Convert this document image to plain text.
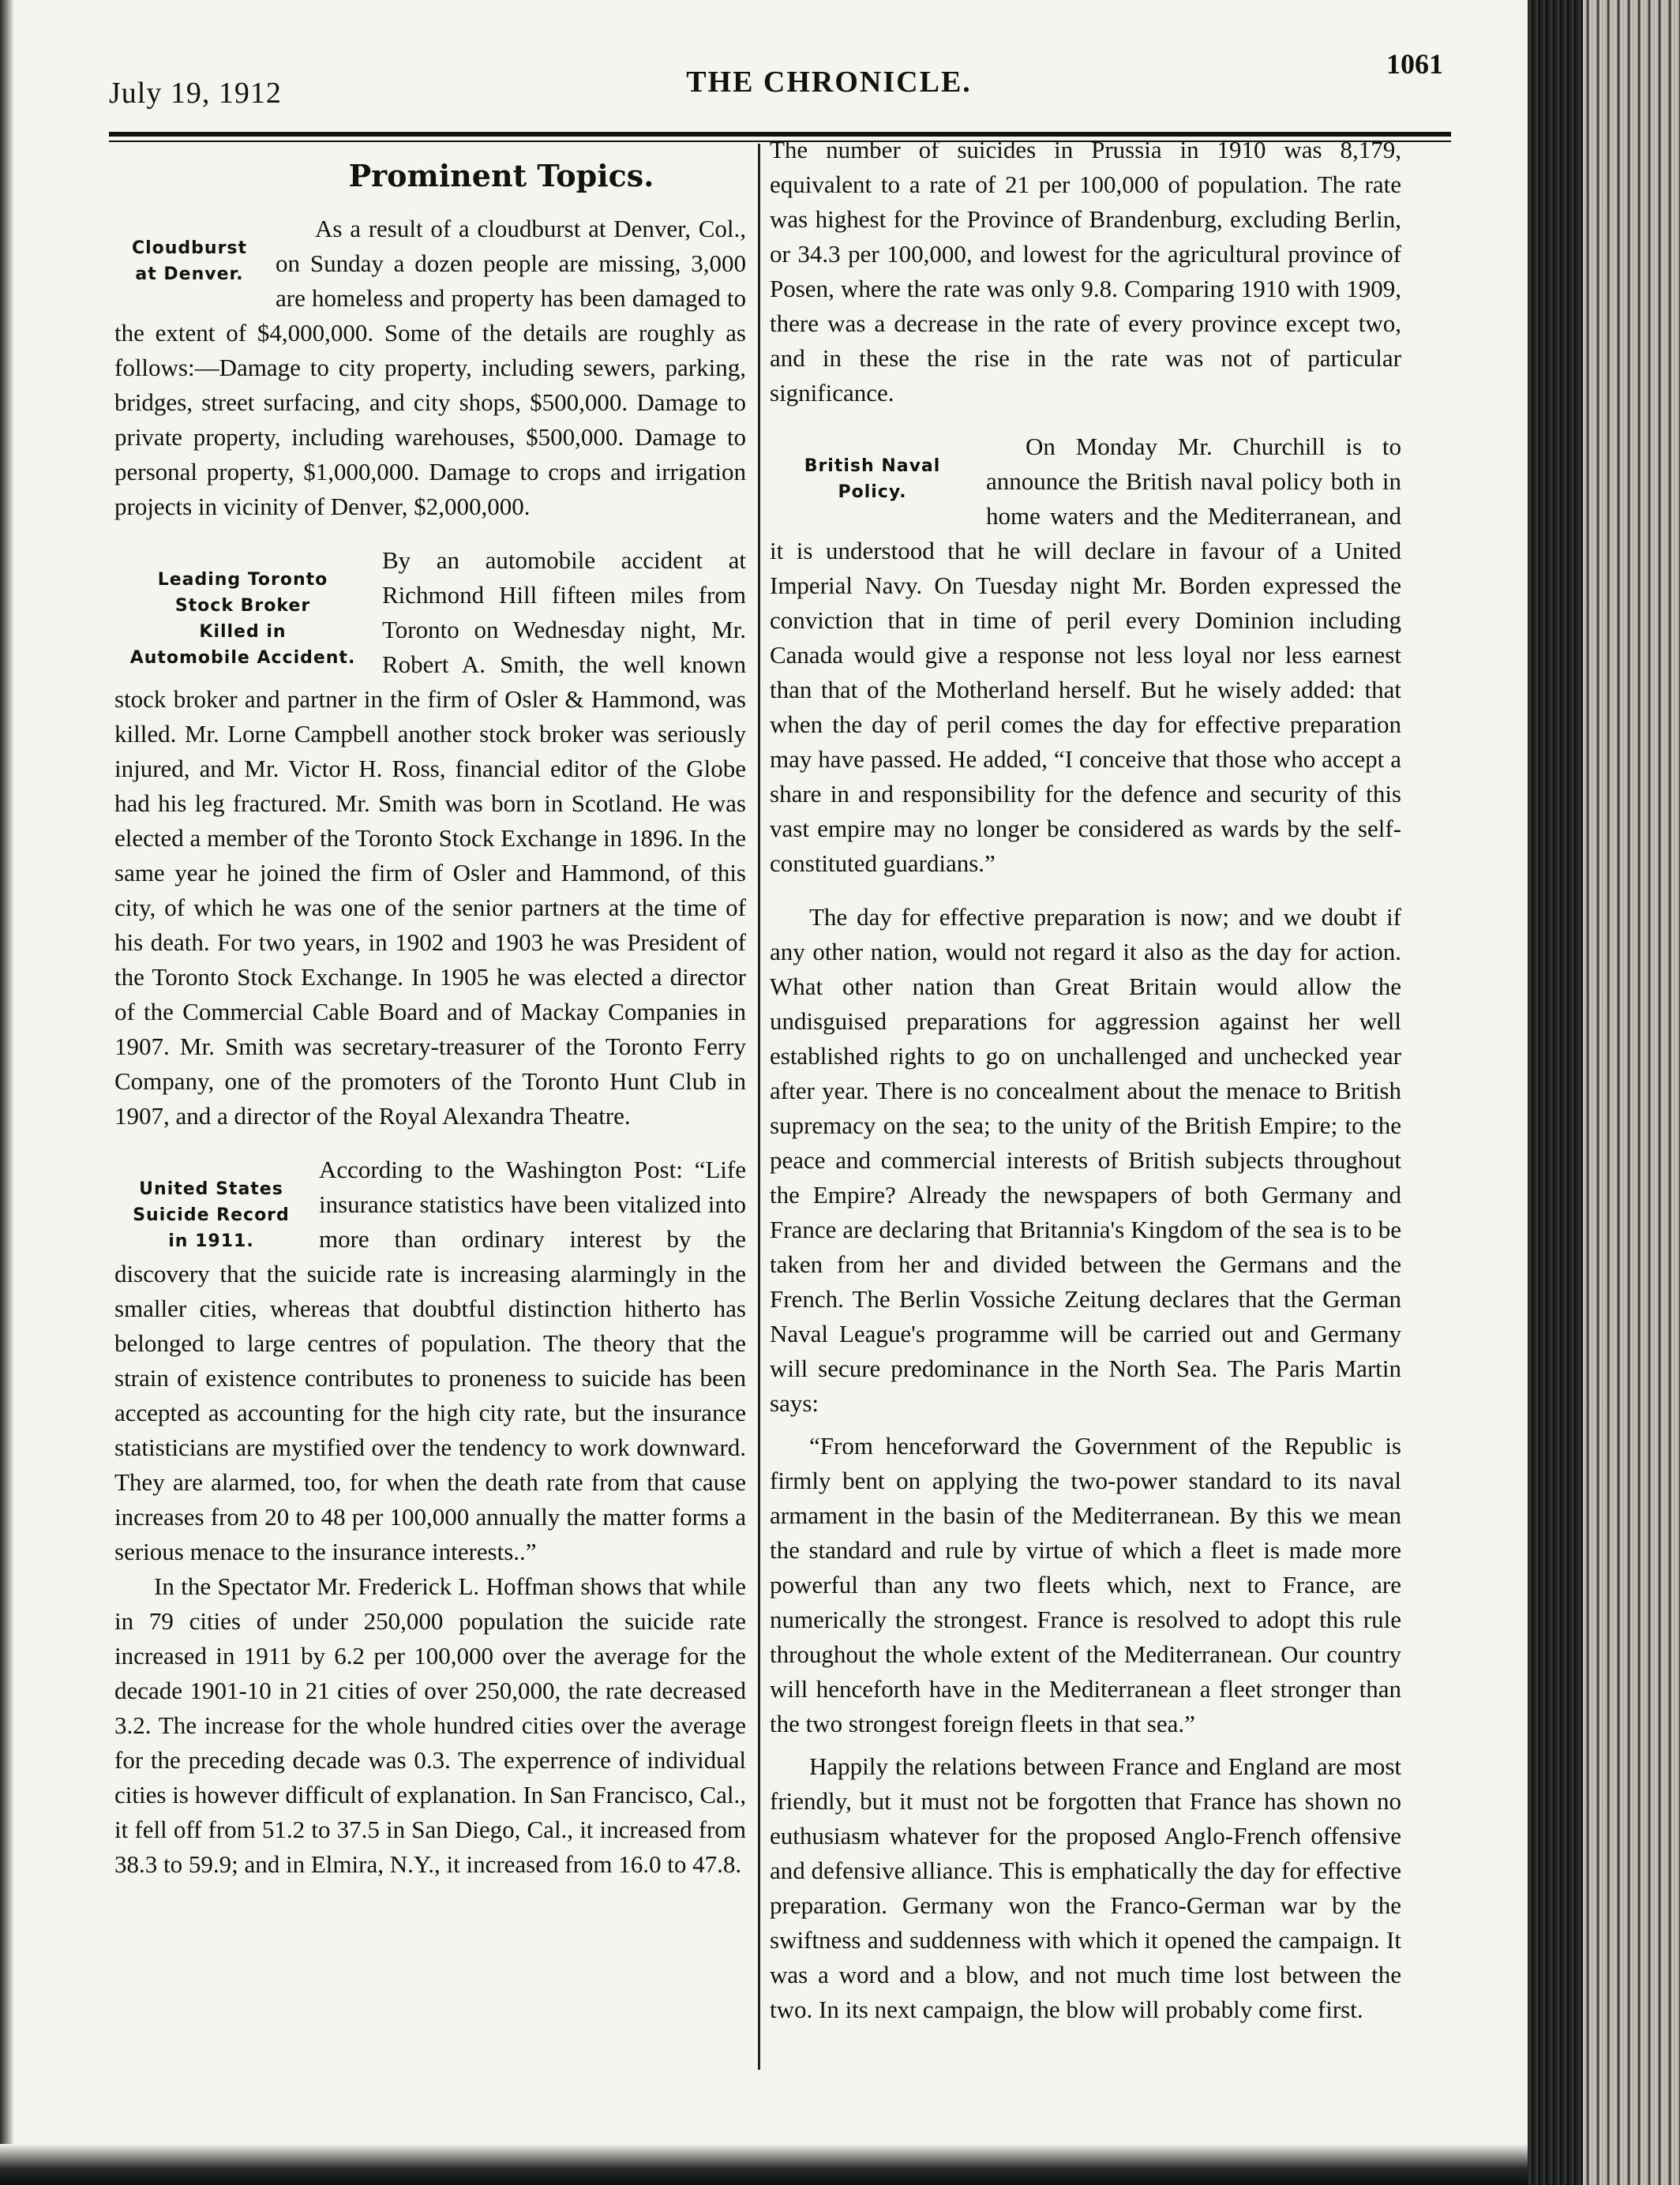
July 19, 1912	THE CHRONICLE.
1061
Prominent Topics.
Cloudburst
at Denver.

As a result of a cloudburst at Denver, Col., on Sunday a dozen people are missing, 3,000 are homeless and property has been damaged to the extent of $4,000,000. Some of the details are roughly as follows:—Damage to city property, including sewers, parking, bridges, street surfacing, and city shops, $500,000. Damage to private property, including warehouses, $500,000. Damage to personal property, $1,000,000. Damage to crops and irrigation projects in vicinity of Denver, $2,000,000.

Leading Toronto
Stock Broker
Killed in
Automobile Accident.

By an automobile accident at Richmond Hill fifteen miles from Toronto on Wednesday night, Mr. Robert A. Smith, the well known stock broker and partner in the firm of Osler & Hammond, was killed. Mr. Lorne Campbell another stock broker was seriously injured, and Mr. Victor H. Ross, financial editor of the Globe had his leg fractured. Mr. Smith was born in Scotland. He was elected a member of the Toronto Stock Exchange in 1896. In the same year he joined the firm of Osler and Hammond, of this city, of which he was one of the senior partners at the time of his death. For two years, in 1902 and 1903 he was President of the Toronto Stock Exchange. In 1905 he was elected a director of the Commercial Cable Board and of Mackay Companies in 1907. Mr. Smith was secretary-treasurer of the Toronto Ferry Company, one of the promoters of the Toronto Hunt Club in 1907, and a director of the Royal Alexandra Theatre.

United States
Suicide Record
in 1911.

According to the Washington Post: “Life insurance statistics have been vitalized into more than ordinary interest by the discovery that the suicide rate is increasing alarmingly in the smaller cities, whereas that doubtful distinction hitherto has belonged to large centres of population. The theory that the strain of existence contributes to proneness to suicide has been accepted as accounting for the high city rate, but the insurance statisticians are mystified over the tendency to work downward. They are alarmed, too, for when the death rate from that cause increases from 20 to 48 per 100,000 annually the matter forms a serious menace to the insurance interests..”

In the Spectator Mr. Frederick L. Hoffman shows that while in 79 cities of under 250,000 population the suicide rate increased in 1911 by 6.2 per 100,000 over the average for the decade 1901-10 in 21 cities of over 250,000, the rate decreased 3.2. The increase for the whole hundred cities over the average for the preceding decade was 0.3. The experrence of individual cities is however difficult of explanation. In San Francisco, Cal., it fell off from 51.2 to 37.5 in San Diego, Cal., it increased from 38.3 to 59.9; and in Elmira, N.Y., it increased from 16.0 to 47.8.

The number of suicides in Prussia in 1910 was 8,179, equivalent to a rate of 21 per 100,000 of population. The rate was highest for the Province of Brandenburg, excluding Berlin, or 34.3 per 100,000, and lowest for the agricultural province of Posen, where the rate was only 9.8. Comparing 1910 with 1909, there was a decrease in the rate of every province except two, and in these the rise in the rate was not of particular significance.

British Naval
Policy.

On Monday Mr. Churchill is to announce the British naval policy both in home waters and the Mediterranean, and it is understood that he will declare in favour of a United Imperial Navy. On Tuesday night Mr. Borden expressed the conviction that in time of peril every Dominion including Canada would give a response not less loyal nor less earnest than that of the Motherland herself. But he wisely added: that when the day of peril comes the day for effective preparation may have passed. He added, “I conceive that those who accept a share in and responsibility for the defence and security of this vast empire may no longer be considered as wards by the self-constituted guardians.”

The day for effective preparation is now; and we doubt if any other nation, would not regard it also as the day for action. What other nation than Great Britain would allow the undisguised preparations for aggression against her well established rights to go on unchallenged and unchecked year after year. There is no concealment about the menace to British supremacy on the sea; to the unity of the British Empire; to the peace and commercial interests of British subjects throughout the Empire? Already the newspapers of both Germany and France are declaring that Britannia's Kingdom of the sea is to be taken from her and divided between the Germans and the French. The Berlin Vossiche Zeitung declares that the German Naval League's programme will be carried out and Germany will secure predominance in the North Sea. The Paris Martin says:

“From henceforward the Government of the Republic is firmly bent on applying the two-power standard to its naval armament in the basin of the Mediterranean. By this we mean the standard and rule by virtue of which a fleet is made more powerful than any two fleets which, next to France, are numerically the strongest. France is resolved to adopt this rule throughout the whole extent of the Mediterranean. Our country will henceforth have in the Mediterranean a fleet stronger than the two strongest foreign fleets in that sea.”

Happily the relations between France and England are most friendly, but it must not be forgotten that France has shown no euthusiasm whatever for the proposed Anglo-French offensive and defensive alliance. This is emphatically the day for effective preparation. Germany won the Franco-German war by the swiftness and suddenness with which it opened the campaign. It was a word and a blow, and not much time lost between the two. In its next campaign, the blow will probably come first.
